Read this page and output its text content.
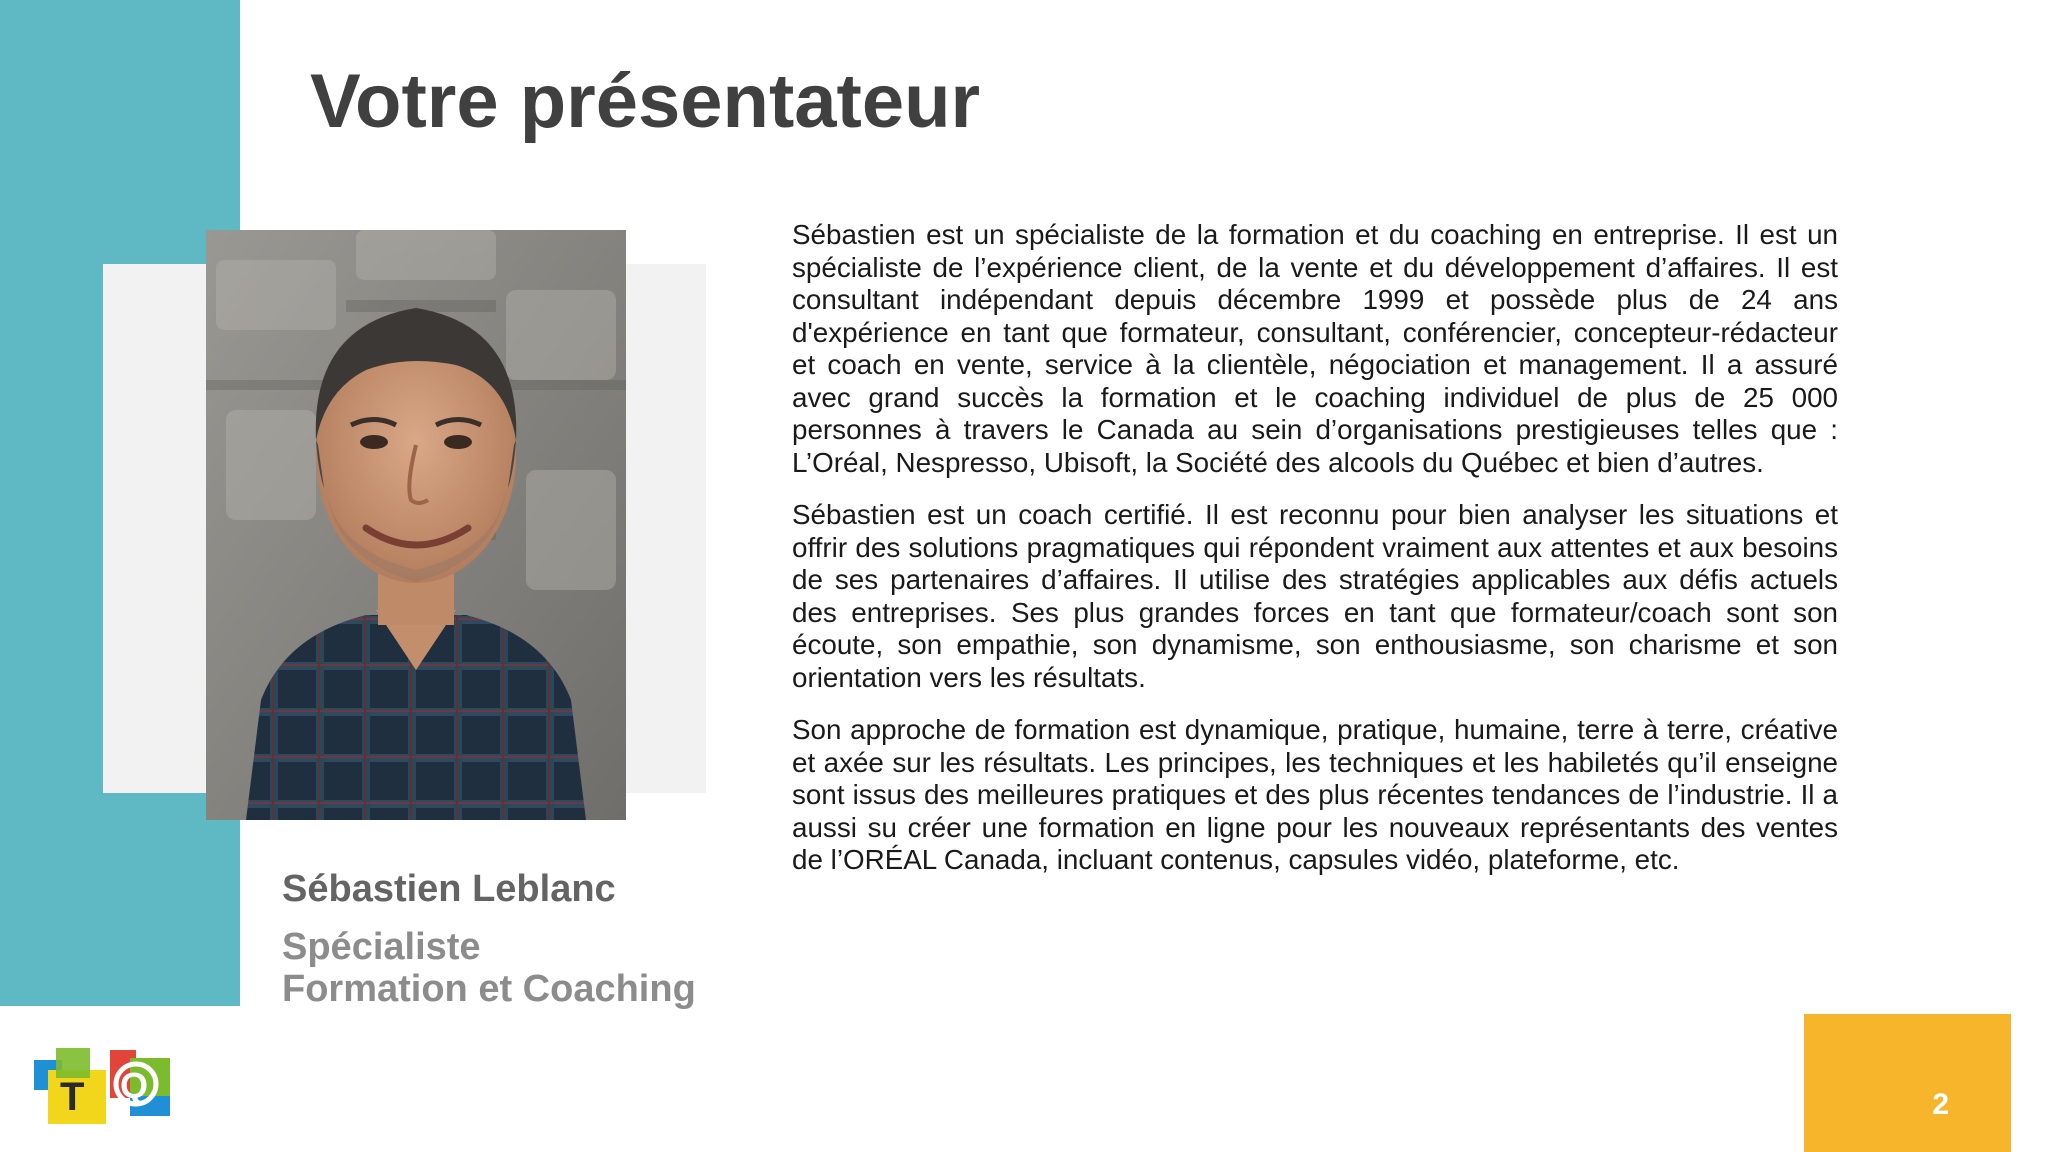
Votre présentateur
Sébastien Leblanc
Spécialiste
Formation et Coaching

Sébastien est un spécialiste de la formation et du coaching en entreprise. Il est un spécialiste de l’expérience client, de la vente et du développement d’affaires. Il est consultant indépendant depuis décembre 1999 et possède plus de 24 ans d'expérience en tant que formateur, consultant, conférencier, concepteur-rédacteur et coach en vente, service à la clientèle, négociation et management. Il a assuré avec grand succès la formation et le coaching individuel de plus de 25 000 personnes à travers le Canada au sein d’organisations prestigieuses telles que : L’Oréal, Nespresso, Ubisoft, la Société des alcools du Québec et bien d’autres.

Sébastien est un coach certifié. Il est reconnu pour bien analyser les situations et offrir des solutions pragmatiques qui répondent vraiment aux attentes et aux besoins de ses partenaires d’affaires. Il utilise des stratégies applicables aux défis actuels des entreprises. Ses plus grandes forces en tant que formateur/coach sont son écoute, son empathie, son dynamisme, son enthousiasme, son charisme et son orientation vers les résultats.

Son approche de formation est dynamique, pratique, humaine, terre à terre, créative et axée sur les résultats. Les principes, les techniques et les habiletés qu’il enseigne sont issus des meilleures pratiques et des plus récentes tendances de l’industrie. Il a aussi su créer une formation en ligne pour les nouveaux représentants des ventes de l’ORÉAL Canada, incluant contenus, capsules vidéo, plateforme, etc.

T Q	2
